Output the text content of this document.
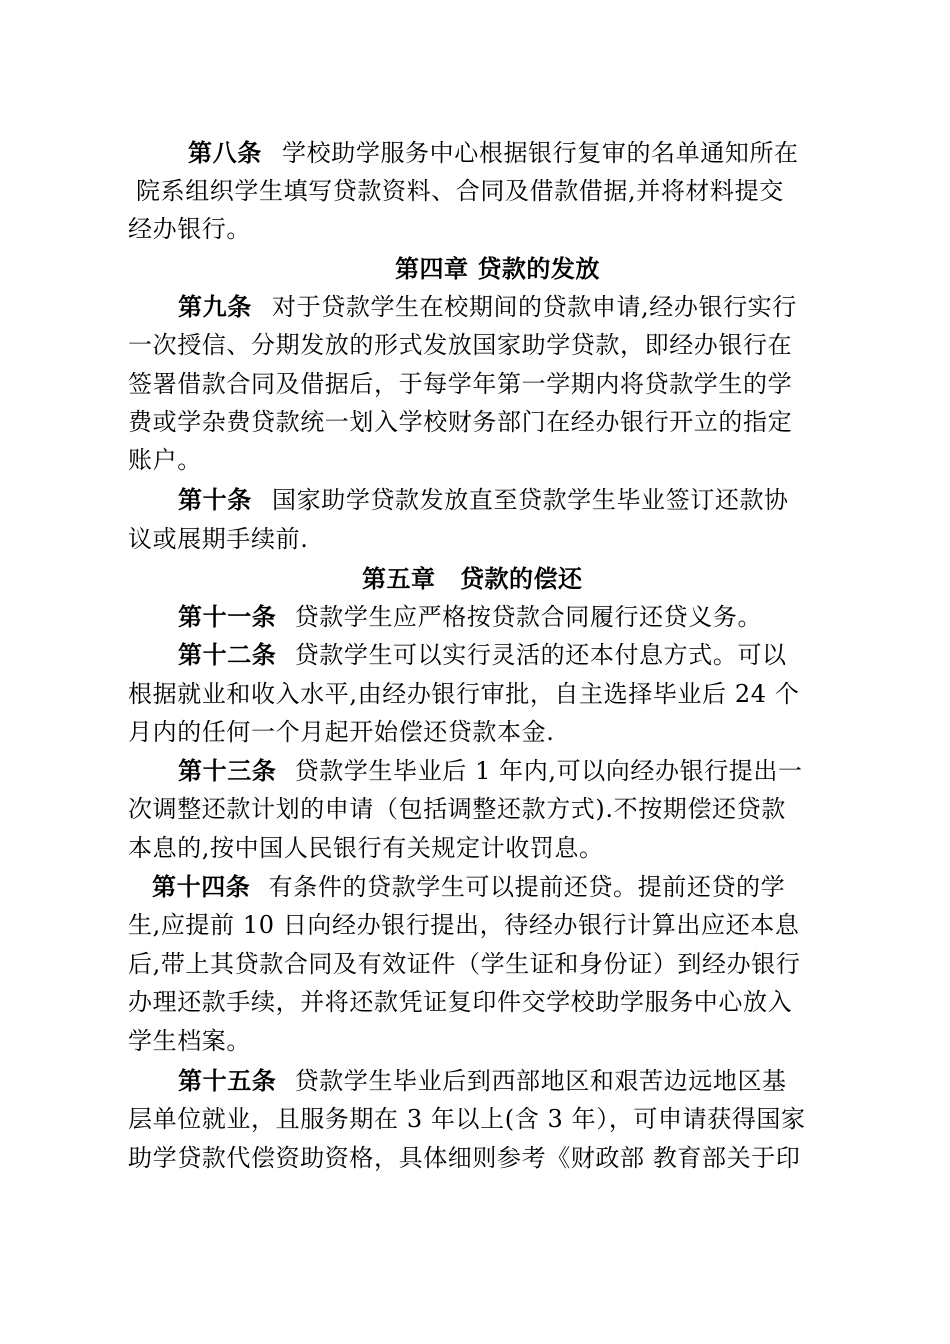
第八条 学校助学服务中心根据银行复审的名单通知所在
院系组织学生填写贷款资料、合同及借款借据,并将材料提交
经办银行。
第四章 贷款的发放
第九条 对于贷款学生在校期间的贷款申请,经办银行实行
一次授信、分期发放的形式发放国家助学贷款，即经办银行在
签署借款合同及借据后，于每学年第一学期内将贷款学生的学
费或学杂费贷款统一划入学校财务部门在经办银行开立的指定
账户。
第十条 国家助学贷款发放直至贷款学生毕业签订还款协
议或展期手续前.
第五章　贷款的偿还
第十一条 贷款学生应严格按贷款合同履行还贷义务。
第十二条 贷款学生可以实行灵活的还本付息方式。可以
根据就业和收入水平,由经办银行审批，自主选择毕业后 24 个
月内的任何一个月起开始偿还贷款本金.
第十三条 贷款学生毕业后 1 年内,可以向经办银行提出一
次调整还款计划的申请（包括调整还款方式).不按期偿还贷款
本息的,按中国人民银行有关规定计收罚息。
第十四条 有条件的贷款学生可以提前还贷。提前还贷的学
生,应提前 10 日向经办银行提出，待经办银行计算出应还本息
后,带上其贷款合同及有效证件（学生证和身份证）到经办银行
办理还款手续，并将还款凭证复印件交学校助学服务中心放入
学生档案。
第十五条 贷款学生毕业后到西部地区和艰苦边远地区基
层单位就业，且服务期在 3 年以上(含 3 年），可申请获得国家
助学贷款代偿资助资格，具体细则参考《财政部 教育部关于印
